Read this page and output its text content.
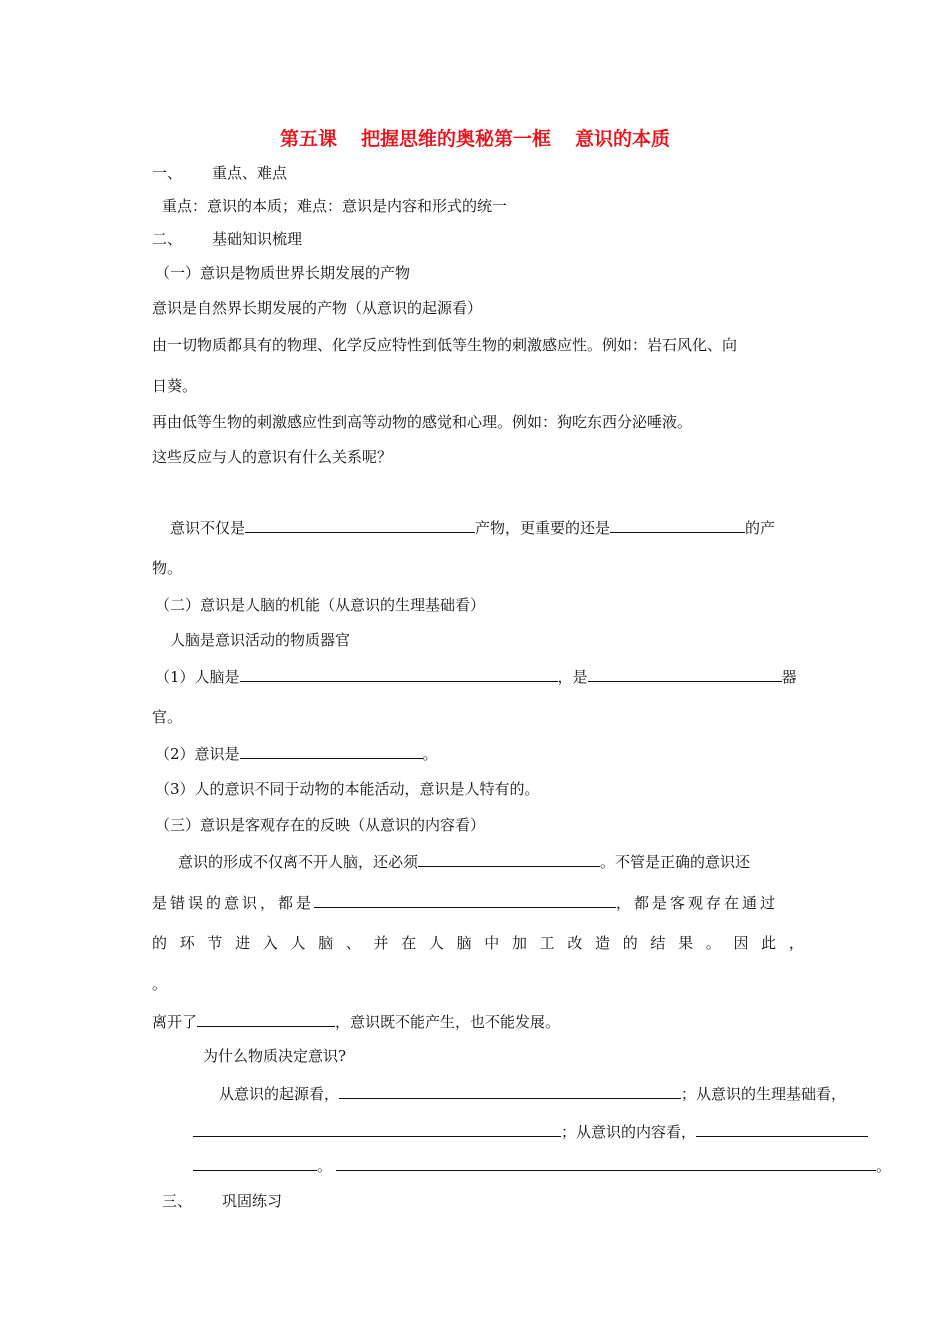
第五课 把握思维的奥秘第一框 意识的本质
一、 重点、难点
重点：意识的本质；难点：意识是内容和形式的统一
二、 基础知识梳理
（一）意识是物质世界长期发展的产物
意识是自然界长期发展的产物（从意识的起源看）
由一切物质都具有的物理、化学反应特性到低等生物的刺激感应性。例如：岩石风化、向
日葵。
再由低等生物的刺激感应性到高等动物的感觉和心理。例如：狗吃东西分泌唾液。
这些反应与人的意识有什么关系呢？
意识不仅是	产物，更重要的还是	的产
物。
（二）意识是人脑的机能（从意识的生理基础看）
人脑是意识活动的物质器官
（1）人脑是	，是	器
官。
（2）意识是	。
（3）人的意识不同于动物的本能活动，意识是人特有的。
（三）意识是客观存在的反映（从意识的内容看）
意识的形成不仅离不开人脑，还必须	。不管是正确的意识还
是错误的意识，都是	，都是客观存在通过
的 环 节 进 入 人 脑 、 并 在 人 脑 中 加 工 改 造 的 结 果 。 因 此 ，
。
离开了	，意识既不能产生，也不能发展。
为什么物质决定意识?
从意识的起源看，	；从意识的生理基础看，
；从意识的内容看，
。	。
三、 巩固练习
